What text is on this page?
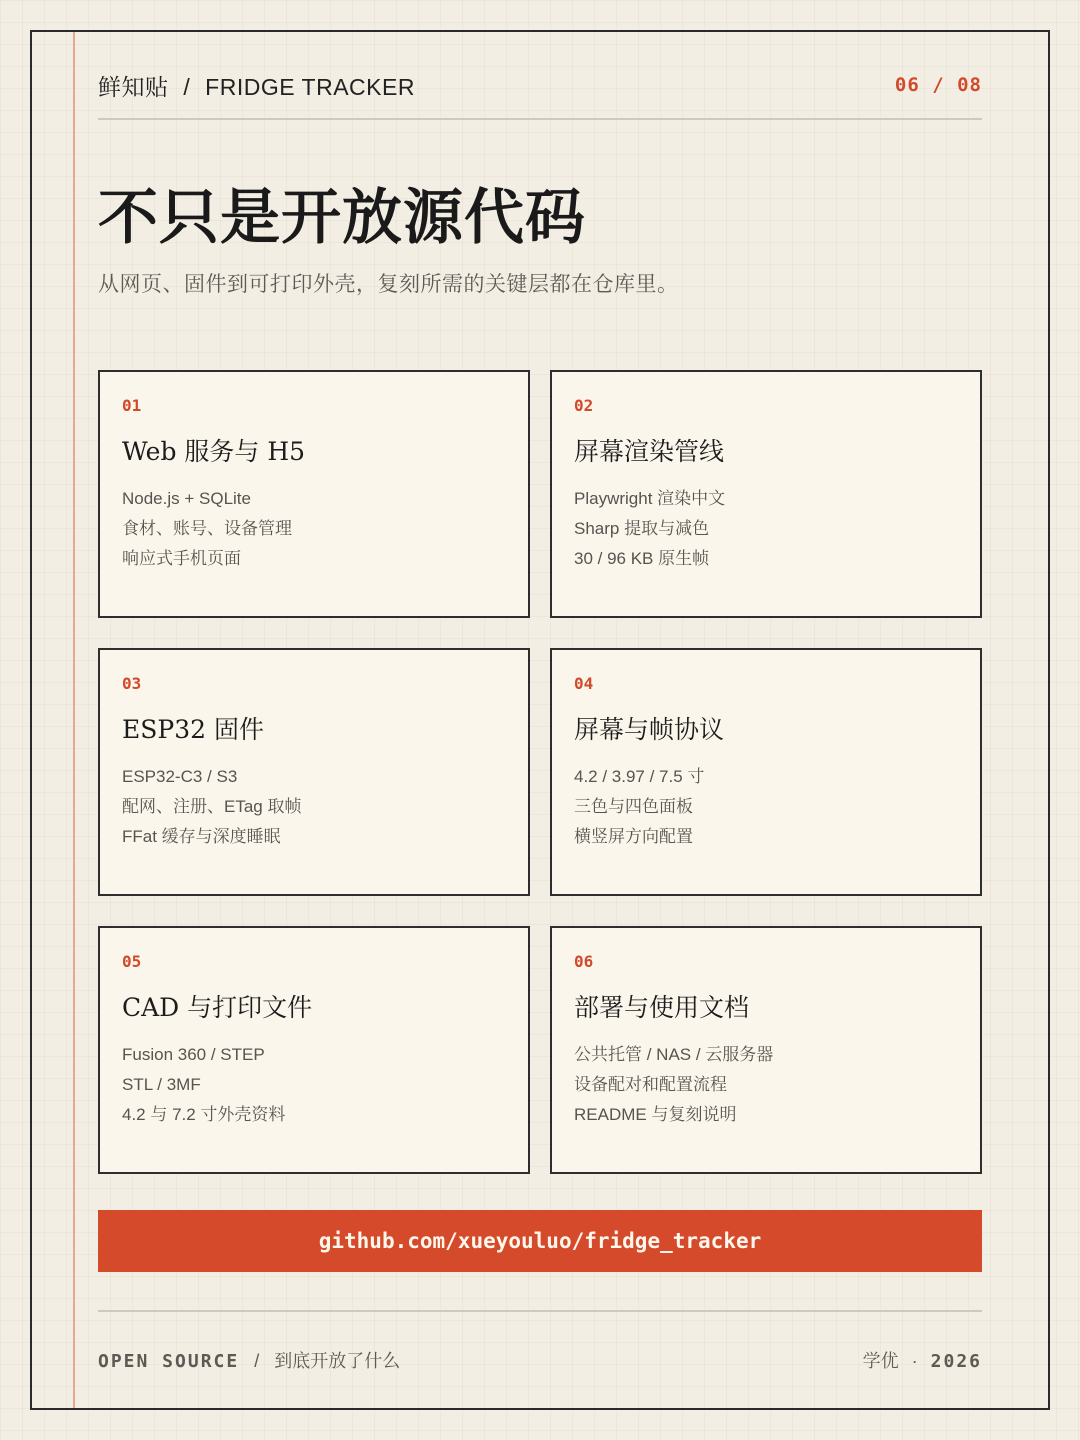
鲜知贴 / FRIDGE TRACKER	06 / 08
不只是开放源代码

从网页、固件到可打印外壳，复刻所需的关键层都在仓库里。

01
Web 服务与 H5
Node.js + SQLite
食材、账号、设备管理
响应式手机页面
02
屏幕渲染管线
Playwright 渲染中文
Sharp 提取与减色
30 / 96 KB 原生帧
03
ESP32 固件
ESP32-C3 / S3
配网、注册、ETag 取帧
FFat 缓存与深度睡眠
04
屏幕与帧协议
4.2 / 3.97 / 7.5 寸
三色与四色面板
横竖屏方向配置
05
CAD 与打印文件
Fusion 360 / STEP
STL / 3MF
4.2 与 7.2 寸外壳资料
06
部署与使用文档
公共托管 / NAS / 云服务器
设备配对和配置流程
README 与复刻说明
github.com/xueyouluo/fridge_tracker
OPEN SOURCE / 到底开放了什么	学优 · 2026
